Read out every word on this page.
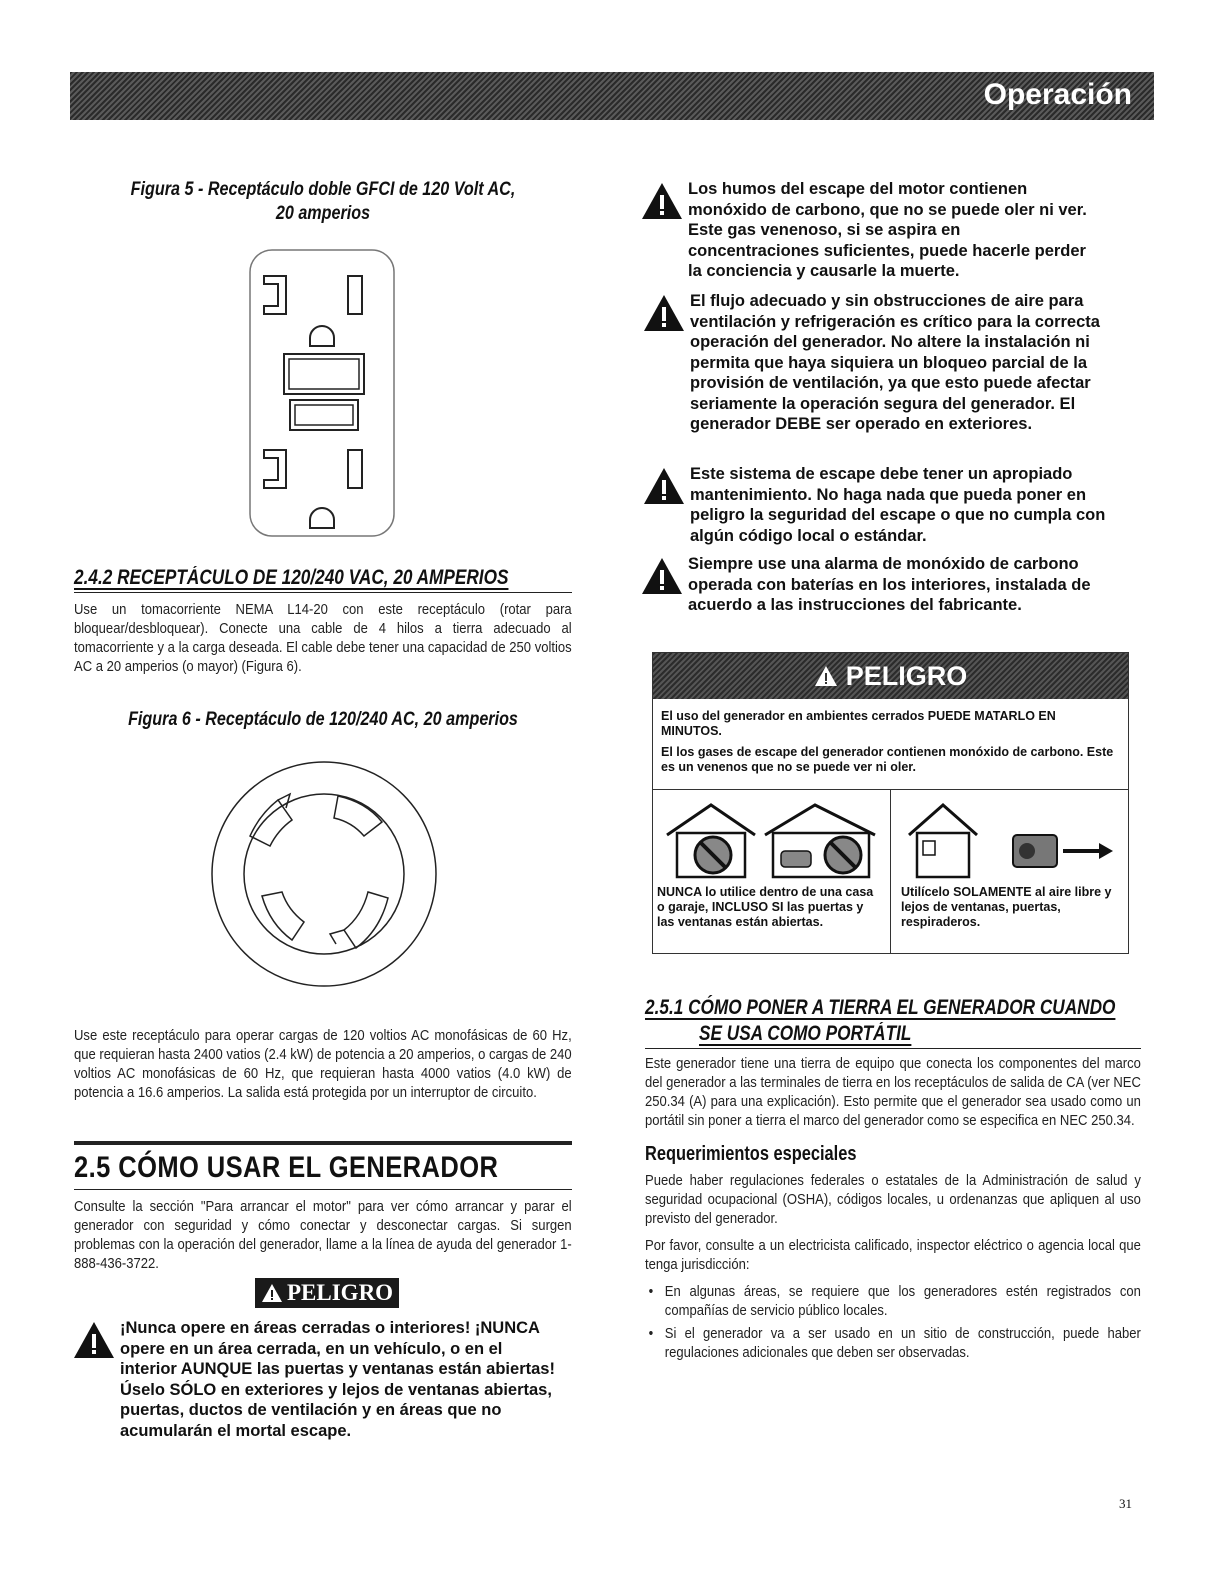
Operación
Figura 5 - Receptáculo doble GFCI de 120 Volt AC,
20 amperios
2.4.2 RECEPTÁCULO DE 120/240 VAC, 20 AMPERIOS
Use un tomacorriente NEMA L14-20 con este receptáculo (rotar para bloquear/desbloquear). Conecte una cable de 4 hilos a tierra adecuado al tomacorriente y a la carga deseada. El cable debe tener una capacidad de 250 voltios AC a 20 amperios (o mayor) (Figura 6).
Figura 6 - Receptáculo de 120/240 AC, 20 amperios
Use este receptáculo para operar cargas de 120 voltios AC monofásicas de 60 Hz, que requieran hasta 2400 vatios (2.4 kW) de potencia a 20 amperios, o cargas de 240 voltios AC monofásicas de 60 Hz, que requieran hasta 4000 vatios (4.0 kW) de potencia a 16.6 amperios. La salida está protegida por un interruptor de circuito.
2.5 CÓMO USAR EL GENERADOR
Consulte la sección "Para arrancar el motor" para ver cómo arrancar y parar el generador con seguridad y cómo conectar y desconectar cargas. Si surgen problemas con la operación del generador, llame a la línea de ayuda del generador 1-888-436-3722.
PELIGRO
¡Nunca opere en áreas cerradas o interiores! ¡NUNCA opere en un área cerrada, en un vehículo, o en el interior AUNQUE las puertas y ventanas están abiertas! Úselo SÓLO en exteriores y lejos de ventanas abiertas, puertas, ductos de ventilación y en áreas que no acumularán el mortal escape.
Los humos del escape del motor contienen monóxido de carbono, que no se puede oler ni ver. Este gas venenoso, si se aspira en concentraciones suficientes, puede hacerle perder la conciencia y causarle la muerte.
El flujo adecuado y sin obstrucciones de aire para ventilación y refrigeración es crítico para la correcta operación del generador. No altere la instalación ni permita que haya siquiera un bloqueo parcial de la provisión de ventilación, ya que esto puede afectar seriamente la operación segura del generador. El generador DEBE ser operado en exteriores.
Este sistema de escape debe tener un apropiado mantenimiento. No haga nada que pueda poner en peligro la seguridad del escape o que no cumpla con algún código local o estándar.
Siempre use una alarma de monóxido de carbono operada con baterías en los interiores, instalada de acuerdo a las instrucciones del fabricante.
PELIGRO
El uso del generador en ambientes cerrados PUEDE MATARLO EN MINUTOS.
El los gases de escape del generador contienen monóxido de carbono. Este es un venenos que no se puede ver ni oler.
NUNCA lo utilice dentro de una casa o garaje, INCLUSO SI las puertas y las ventanas están abiertas.
Utilícelo SOLAMENTE al aire libre y lejos de ventanas, puertas, respiraderos.
2.5.1 CÓMO PONER A TIERRA EL GENERADOR CUANDO
SE USA COMO PORTÁTIL
Este generador tiene una tierra de equipo que conecta los componentes del marco del generador a las terminales de tierra en los receptáculos de salida de CA (ver NEC 250.34 (A) para una explicación). Esto permite que el generador sea usado como un portátil sin poner a tierra el marco del generador como se especifica en NEC 250.34.
Requerimientos especiales
Puede haber regulaciones federales o estatales de la Administración de salud y seguridad ocupacional (OSHA), códigos locales, u ordenanzas que apliquen al uso previsto del generador.
Por favor, consulte a un electricista calificado, inspector eléctrico o agencia local que tenga jurisdicción:
• En algunas áreas, se requiere que los generadores estén registrados con compañías de servicio público locales.
• Si el generador va a ser usado en un sitio de construcción, puede haber regulaciones adicionales que deben ser observadas.
31
